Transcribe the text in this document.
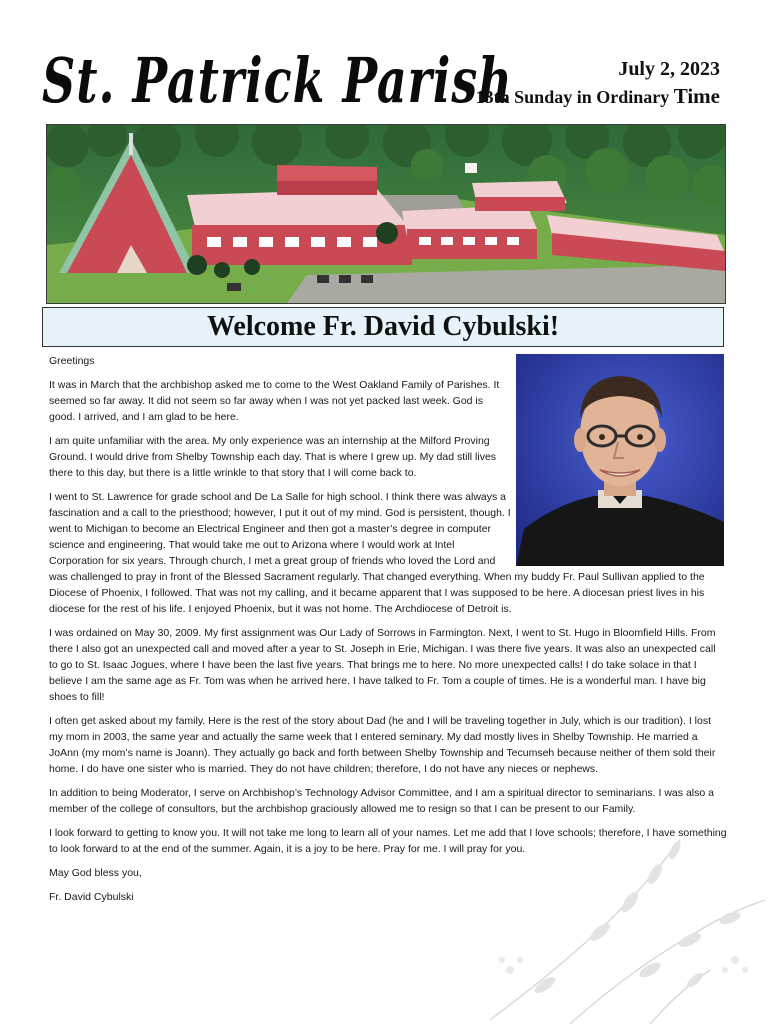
St. Patrick Parish	July 2, 2023
13th Sunday in Ordinary Time
Welcome Fr. David Cybulski!

Greetings

It was in March that the archbishop asked me to come to the West Oakland Family of Parishes. It seemed so far away. It did not seem so far away when I was not yet packed last week. God is good. I arrived, and I am glad to be here.

I am quite unfamiliar with the area. My only experience was an internship at the Milford Proving Ground. I would drive from Shelby Township each day. That is where I grew up. My dad still lives there to this day, but there is a little wrinkle to that story that I will come back to.

I went to St. Lawrence for grade school and De La Salle for high school. I think there was always a fascination and a call to the priesthood; however, I put it out of my mind. God is persistent, though. I went to Michigan to become an Electrical Engineer and then got a master’s degree in computer science and engineering. That would take me out to Arizona where I would work at Intel Corporation for six years. Through church, I met a great group of friends who loved the Lord and was challenged to pray in front of the Blessed Sacrament regularly. That changed everything. When my buddy Fr. Paul Sullivan applied to the Diocese of Phoenix, I followed. That was not my calling, and it became apparent that I was supposed to be here. A diocesan priest lives in his diocese for the rest of his life. I enjoyed Phoenix, but it was not home. The Archdiocese of Detroit is.

I was ordained on May 30, 2009. My first assignment was Our Lady of Sorrows in Farmington. Next, I went to St. Hugo in Bloomfield Hills. From there I also got an unexpected call and moved after a year to St. Joseph in Erie, Michigan. I was there five years. It was also an unexpected call to go to St. Isaac Jogues, where I have been the last five years. That brings me to here. No more unexpected calls! I do take solace in that I believe I am the same age as Fr. Tom was when he arrived here. I have talked to Fr. Tom a couple of times. He is a wonderful man. I have big shoes to fill!

I often get asked about my family. Here is the rest of the story about Dad (he and I will be traveling together in July, which is our tradition). I lost my mom in 2003, the same year and actually the same week that I entered seminary. My dad mostly lives in Shelby Township. He married a JoAnn (my mom’s name is Joann). They actually go back and forth between Shelby Township and Tecumseh because neither of them sold their home. I do have one sister who is married. They do not have children; therefore, I do not have any nieces or nephews.

In addition to being Moderator, I serve on Archbishop’s Technology Advisor Committee, and I am a spiritual director to seminarians. I was also a member of the college of consultors, but the archbishop graciously allowed me to resign so that I can be present to our Family.

I look forward to getting to know you. It will not take me long to learn all of your names. Let me add that I love schools; therefore, I have something to look forward to at the end of the summer. Again, it is a joy to be here. Pray for me. I will pray for you.

May God bless you,

Fr. David Cybulski
